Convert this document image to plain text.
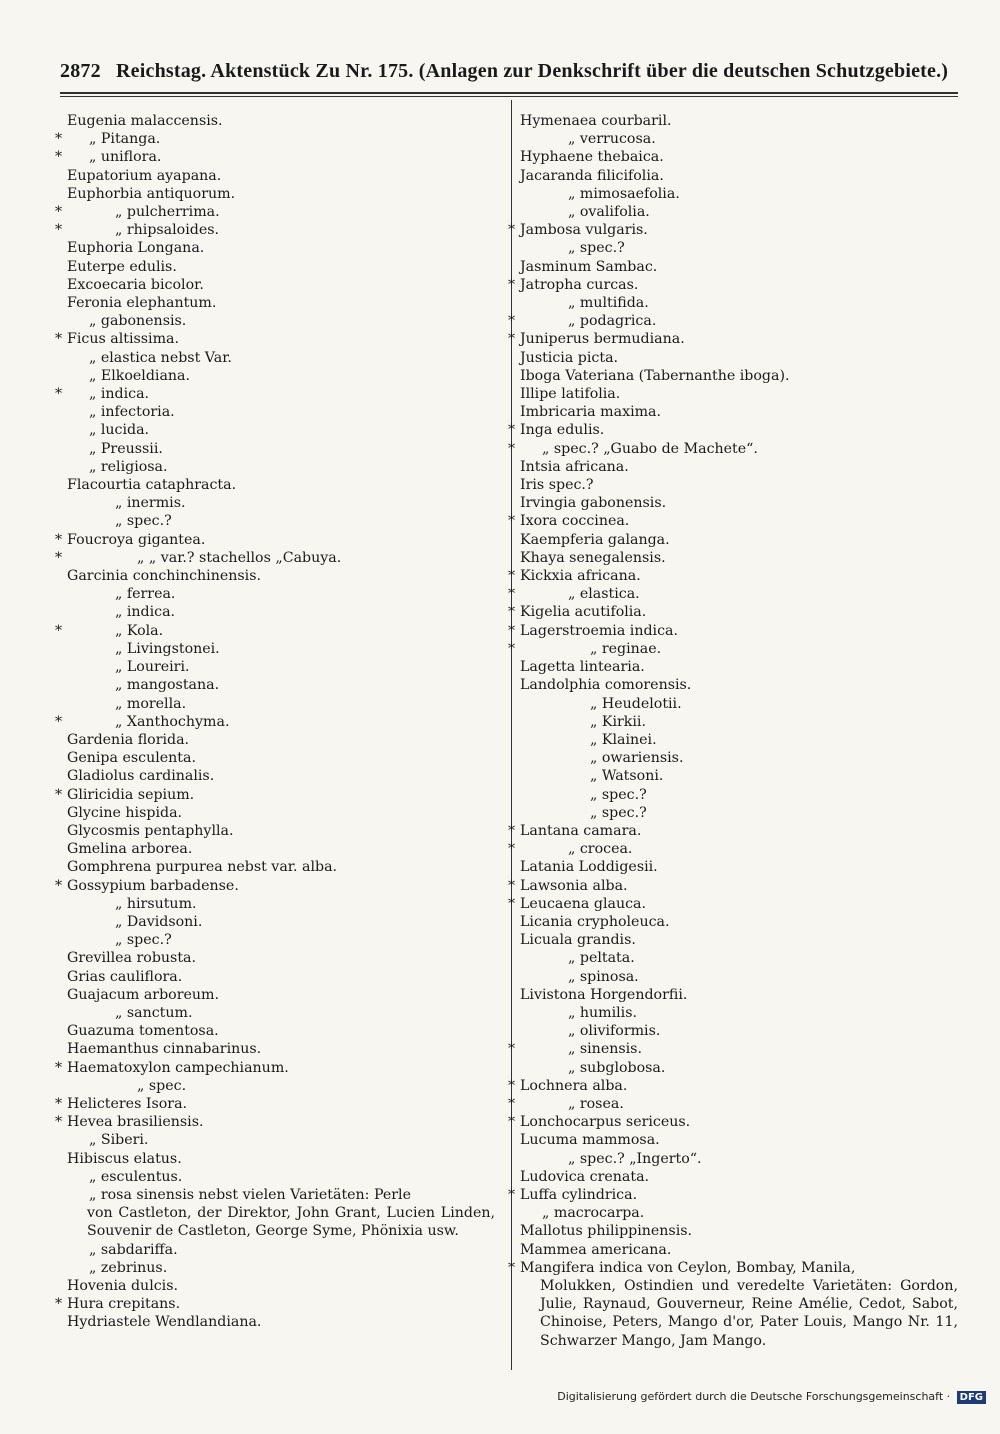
2872 Reichstag. Aktenstück Zu Nr. 175. (Anlagen zur Denkschrift über die deutschen Schutzgebiete.)
Eugenia malaccensis.
* „ Pitanga.
* „ uniflora.
Eupatorium ayapana.
Euphorbia antiquorum.
*	„ pulcherrima.
*	„ rhipsaloides.
Euphoria Longana.
Euterpe edulis.
Excoecaria bicolor.
Feronia elephantum.
„ gabonensis.
* Ficus altissima.
„ elastica nebst Var.
„ Elkoeldiana.
* „ indica.
„ infectoria.
„ lucida.
„ Preussii.
„ religiosa.
Flacourtia cataphracta.
„ inermis.
„ spec.?
* Foucroya gigantea.
*	„ „ var.? stachellos „Cabuya.
Garcinia conchinchinensis.
„ ferrea.
„ indica.
*	„ Kola.
„ Livingstonei.
„ Loureiri.
„ mangostana.
„ morella.
*	„ Xanthochyma.
Gardenia florida.
Genipa esculenta.
Gladiolus cardinalis.
* Gliricidia sepium.
Glycine hispida.
Glycosmis pentaphylla.
Gmelina arborea.
Gomphrena purpurea nebst var. alba.
* Gossypium barbadense.
„ hirsutum.
„ Davidsoni.
„ spec.?
Grevillea robusta.
Grias cauliflora.
Guajacum arboreum.
„ sanctum.
Guazuma tomentosa.
Haemanthus cinnabarinus.
* Haematoxylon campechianum.
„ spec.
* Helicteres Isora.
* Hevea brasiliensis.
„ Siberi.
Hibiscus elatus.
„ esculentus.
„ rosa sinensis nebst vielen Varietäten: Perle
von Castleton, der Direktor, John Grant, Lucien Linden, Souvenir de Castleton, George Syme, Phönixia usw.
„ sabdariffa.
„ zebrinus.
Hovenia dulcis.
* Hura crepitans.
Hydriastele Wendlandiana.
Hymenaea courbaril.
„ verrucosa.
Hyphaene thebaica.
Jacaranda filicifolia.
„ mimosaefolia.
„ ovalifolia.
* Jambosa vulgaris.
„ spec.?
Jasminum Sambac.
* Jatropha curcas.
„ multifida.
*	„ podagrica.
* Juniperus bermudiana.
Justicia picta.
Iboga Vateriana (Tabernanthe iboga).
Illipe latifolia.
Imbricaria maxima.
* Inga edulis.
* „ spec.? „Guabo de Machete“.
Intsia africana.
Iris spec.?
Irvingia gabonensis.
* Ixora coccinea.
Kaempferia galanga.
Khaya senegalensis.
* Kickxia africana.
*	„ elastica.
* Kigelia acutifolia.
* Lagerstroemia indica.
*	„ reginae.
Lagetta lintearia.
Landolphia comorensis.
„ Heudelotii.
„ Kirkii.
„ Klainei.
„ owariensis.
„ Watsoni.
„ spec.?
„ spec.?
* Lantana camara.
*	„ crocea.
Latania Loddigesii.
* Lawsonia alba.
* Leucaena glauca.
Licania crypholeuca.
Licuala grandis.
„ peltata.
„ spinosa.
Livistona Horgendorfii.
„ humilis.
„ oliviformis.
*	„ sinensis.
„ subglobosa.
* Lochnera alba.
*	„ rosea.
* Lonchocarpus sericeus.
Lucuma mammosa.
„ spec.? „Ingerto“.
Ludovica crenata.
* Luffa cylindrica.
„ macrocarpa.
Mallotus philippinensis.
Mammea americana.
* Mangifera indica von Ceylon, Bombay, Manila,
Molukken, Ostindien und veredelte Varietäten: Gordon, Julie, Raynaud, Gouverneur, Reine Amélie, Cedot, Sabot, Chinoise, Peters, Mango d'or, Pater Louis, Mango Nr. 11, Schwarzer Mango, Jam Mango.
Digitalisierung gefördert durch die Deutsche Forschungsgemeinschaft · DFG
